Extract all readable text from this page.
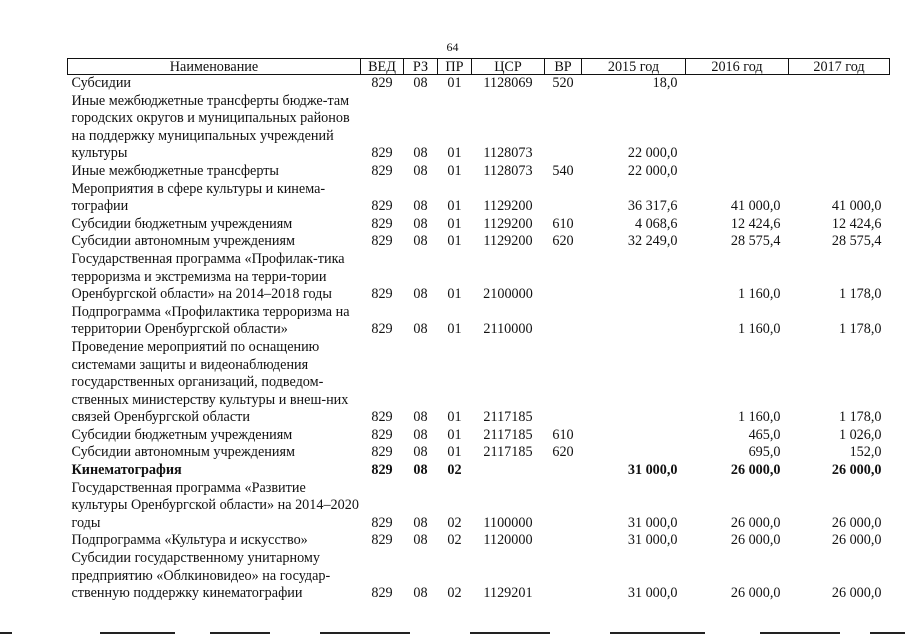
64
Наименование	ВЕД	РЗ	ПР	ЦСР	ВР	2015 год	2016 год	2017 год
Субсидии	829	08	01	1128069	520	18,0		
Иные межбюджетные трансферты бюдже-там городских округов и муниципальных районов на поддержку муниципальных учреждений культуры	829	08	01	1128073		22 000,0		
Иные межбюджетные трансферты	829	08	01	1128073	540	22 000,0		
Мероприятия в сфере культуры и кинема-тографии	829	08	01	1129200		36 317,6	41 000,0	41 000,0
Субсидии бюджетным учреждениям	829	08	01	1129200	610	4 068,6	12 424,6	12 424,6
Субсидии автономным учреждениям	829	08	01	1129200	620	32 249,0	28 575,4	28 575,4
Государственная программа «Профилак-тика терроризма и экстремизма на терри-тории Оренбургской области» на 2014–2018 годы	829	08	01	2100000			1 160,0	1 178,0
Подпрограмма «Профилактика терроризма на территории Оренбургской области»	829	08	01	2110000			1 160,0	1 178,0
Проведение мероприятий по оснащению системами защиты и видеонаблюдения государственных организаций, подведом-ственных министерству культуры и внеш-них связей Оренбургской области	829	08	01	2117185			1 160,0	1 178,0
Субсидии бюджетным учреждениям	829	08	01	2117185	610		465,0	1 026,0
Субсидии автономным учреждениям	829	08	01	2117185	620		695,0	152,0
Кинематография	829	08	02			31 000,0	26 000,0	26 000,0
Государственная программа «Развитие культуры Оренбургской области» на 2014–2020 годы	829	08	02	1100000		31 000,0	26 000,0	26 000,0
Подпрограмма «Культура и искусство»	829	08	02	1120000		31 000,0	26 000,0	26 000,0
Субсидии государственному унитарному предприятию «Облкиновидео» на государ-ственную поддержку кинематографии	829	08	02	1129201		31 000,0	26 000,0	26 000,0
